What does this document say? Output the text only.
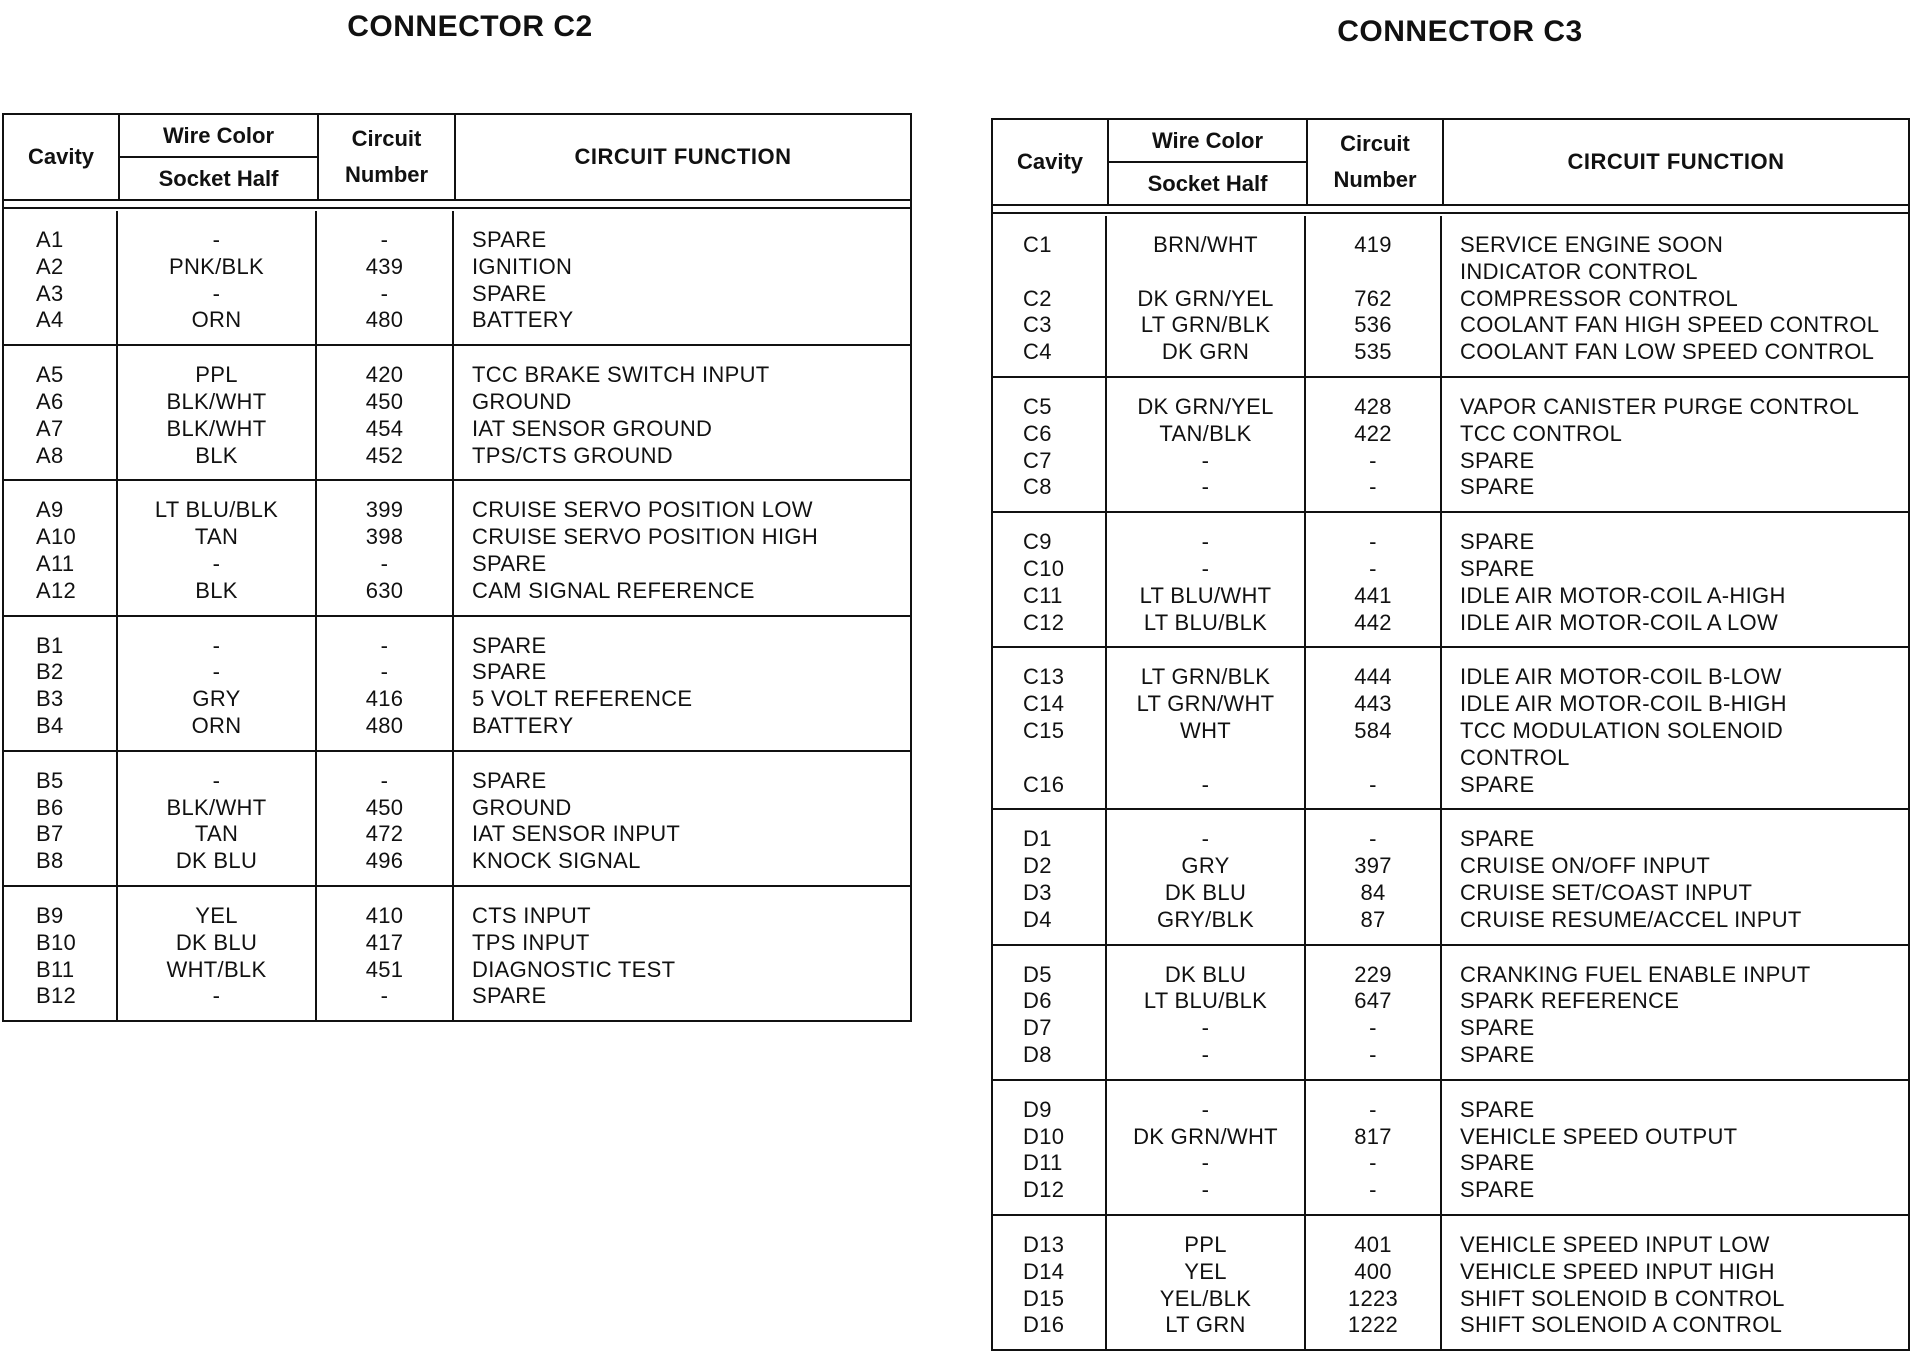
CONNECTOR C2	CONNECTOR C3
Cavity
Wire Color
Socket Half
Circuit
Number
CIRCUIT FUNCTION
A1
A2
A3
A4
-
PNK/BLK
-
ORN
-
439
-
480
SPARE
IGNITION
SPARE
BATTERY
A5
A6
A7
A8
PPL
BLK/WHT
BLK/WHT
BLK
420
450
454
452
TCC BRAKE SWITCH INPUT
GROUND
IAT SENSOR GROUND
TPS/CTS GROUND
A9
A10
A11
A12
LT BLU/BLK
TAN
-
BLK
399
398
-
630
CRUISE SERVO POSITION LOW
CRUISE SERVO POSITION HIGH
SPARE
CAM SIGNAL REFERENCE
B1
B2
B3
B4
-
-
GRY
ORN
-
-
416
480
SPARE
SPARE
5 VOLT REFERENCE
BATTERY
B5
B6
B7
B8
-
BLK/WHT
TAN
DK BLU
-
450
472
496
SPARE
GROUND
IAT SENSOR INPUT
KNOCK SIGNAL
B9
B10
B11
B12
YEL
DK BLU
WHT/BLK
-
410
417
451
-
CTS INPUT
TPS INPUT
DIAGNOSTIC TEST
SPARE
Cavity
Wire Color
Socket Half
Circuit
Number
CIRCUIT FUNCTION
C1
C2
C3
C4
BRN/WHT
DK GRN/YEL
LT GRN/BLK
DK GRN
419
762
536
535
SERVICE ENGINE SOON
INDICATOR CONTROL
COMPRESSOR CONTROL
COOLANT FAN HIGH SPEED CONTROL
COOLANT FAN LOW SPEED CONTROL
C5
C6
C7
C8
DK GRN/YEL
TAN/BLK
-
-
428
422
-
-
VAPOR CANISTER PURGE CONTROL
TCC CONTROL
SPARE
SPARE
C9
C10
C11
C12
-
-
LT BLU/WHT
LT BLU/BLK
-
-
441
442
SPARE
SPARE
IDLE AIR MOTOR-COIL A-HIGH
IDLE AIR MOTOR-COIL A LOW
C13
C14
C15
C16
LT GRN/BLK
LT GRN/WHT
WHT
-
444
443
584
-
IDLE AIR MOTOR-COIL B-LOW
IDLE AIR MOTOR-COIL B-HIGH
TCC MODULATION SOLENOID
CONTROL
SPARE
D1
D2
D3
D4
-
GRY
DK BLU
GRY/BLK
-
397
84
87
SPARE
CRUISE ON/OFF INPUT
CRUISE SET/COAST INPUT
CRUISE RESUME/ACCEL INPUT
D5
D6
D7
D8
DK BLU
LT BLU/BLK
-
-
229
647
-
-
CRANKING FUEL ENABLE INPUT
SPARK REFERENCE
SPARE
SPARE
D9
D10
D11
D12
-
DK GRN/WHT
-
-
-
817
-
-
SPARE
VEHICLE SPEED OUTPUT
SPARE
SPARE
D13
D14
D15
D16
PPL
YEL
YEL/BLK
LT GRN
401
400
1223
1222
VEHICLE SPEED INPUT LOW
VEHICLE SPEED INPUT HIGH
SHIFT SOLENOID B CONTROL
SHIFT SOLENOID A CONTROL
